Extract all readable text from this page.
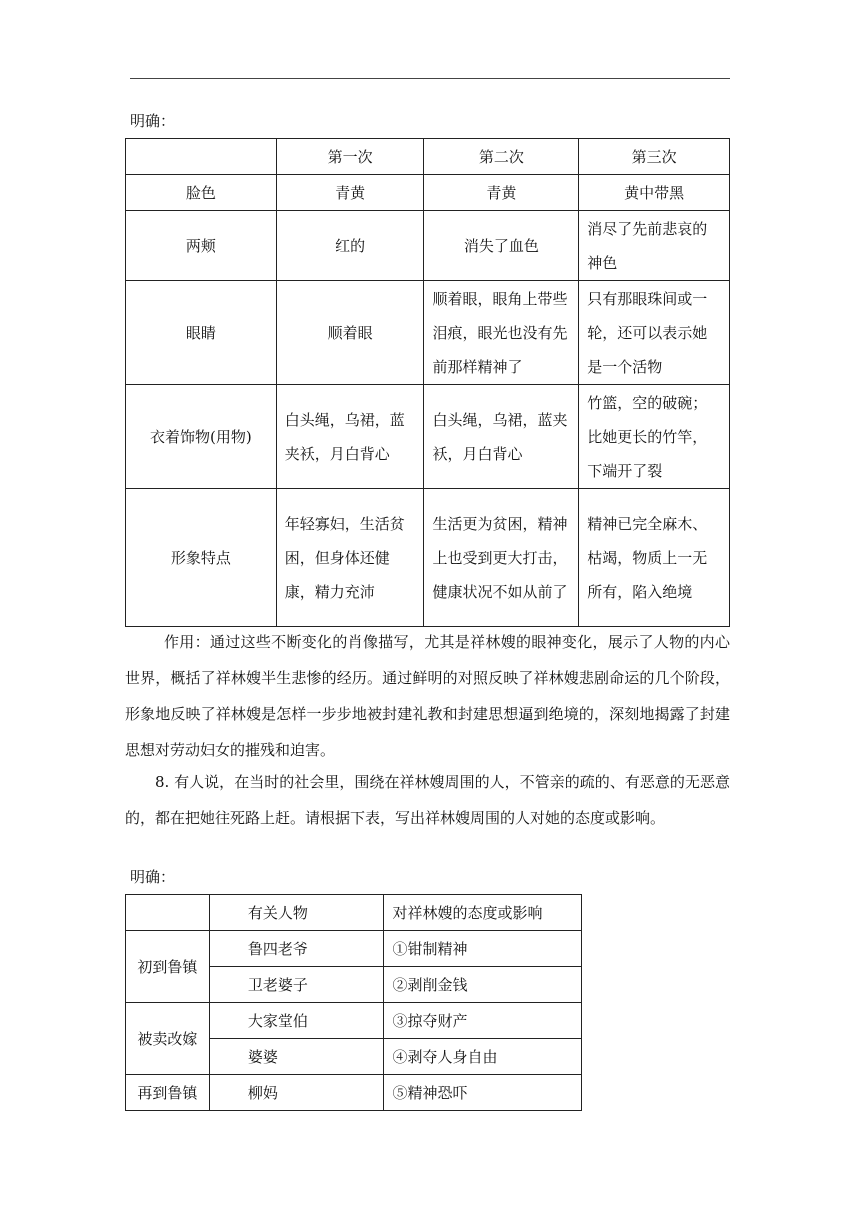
明确：
	第一次	第二次	第三次
脸色	青黄	青黄	黄中带黑
两颊	红的	消失了血色	消尽了先前悲哀的神色
眼睛	顺着眼	顺着眼，眼角上带些泪痕，眼光也没有先前那样精神了	只有那眼珠间或一轮，还可以表示她是一个活物
衣着饰物(用物)	白头绳，乌裙，蓝夹袄，月白背心	白头绳，乌裙，蓝夹袄，月白背心	竹篮，空的破碗；比她更长的竹竿，下端开了裂
形象特点	年轻寡妇，生活贫困，但身体还健康，精力充沛	生活更为贫困，精神上也受到更大打击，健康状况不如从前了	精神已完全麻木、枯竭，物质上一无所有，陷入绝境
作用：通过这些不断变化的肖像描写，尤其是祥林嫂的眼神变化，展示了人物的内心世界，概括了祥林嫂半生悲惨的经历。通过鲜明的对照反映了祥林嫂悲剧命运的几个阶段，形象地反映了祥林嫂是怎样一步步地被封建礼教和封建思想逼到绝境的，深刻地揭露了封建思想对劳动妇女的摧残和迫害。
8. 有人说，在当时的社会里，围绕在祥林嫂周围的人，不管亲的疏的、有恶意的无恶意的，都在把她往死路上赶。请根据下表，写出祥林嫂周围的人对她的态度或影响。
明确：
	有关人物	对祥林嫂的态度或影响
初到鲁镇	鲁四老爷	①钳制精神
	卫老婆子	②剥削金钱
被卖改嫁	大家堂伯	③掠夺财产
	婆婆	④剥夺人身自由
再到鲁镇	柳妈	⑤精神恐吓
